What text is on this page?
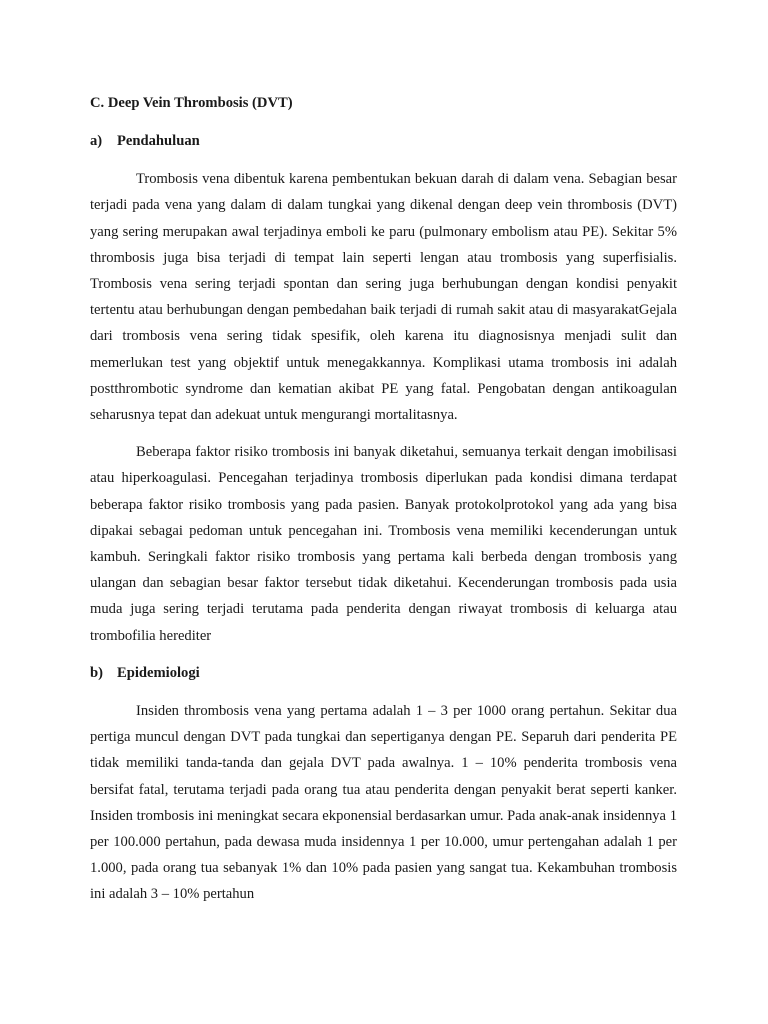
C. Deep Vein Thrombosis (DVT)

a)	Pendahuluan

Trombosis vena dibentuk karena pembentukan bekuan darah di dalam vena. Sebagian besar terjadi pada vena yang dalam di dalam tungkai yang dikenal dengan deep vein thrombosis (DVT) yang sering merupakan awal terjadinya emboli ke paru (pulmonary embolism atau PE). Sekitar 5% thrombosis juga bisa terjadi di tempat lain seperti lengan atau trombosis yang superfisialis. Trombosis vena sering terjadi spontan dan sering juga berhubungan dengan kondisi penyakit tertentu atau berhubungan dengan pembedahan baik terjadi di rumah sakit atau di masyarakatGejala dari trombosis vena sering tidak spesifik, oleh karena itu diagnosisnya menjadi sulit dan memerlukan test yang objektif untuk menegakkannya. Komplikasi utama trombosis ini adalah postthrombotic syndrome dan kematian akibat PE yang fatal. Pengobatan dengan antikoagulan seharusnya tepat dan adekuat untuk mengurangi mortalitasnya.

Beberapa faktor risiko trombosis ini banyak diketahui, semuanya terkait dengan imobilisasi atau hiperkoagulasi. Pencegahan terjadinya trombosis diperlukan pada kondisi dimana terdapat beberapa faktor risiko trombosis yang pada pasien. Banyak protokolprotokol yang ada yang bisa dipakai sebagai pedoman untuk pencegahan ini. Trombosis vena memiliki kecenderungan untuk kambuh. Seringkali faktor risiko trombosis yang pertama kali berbeda dengan trombosis yang ulangan dan sebagian besar faktor tersebut tidak diketahui. Kecenderungan trombosis pada usia muda juga sering terjadi terutama pada penderita dengan riwayat trombosis di keluarga atau trombofilia herediter

b) Epidemiologi

Insiden thrombosis vena yang pertama adalah 1 – 3 per 1000 orang pertahun. Sekitar dua pertiga muncul dengan DVT pada tungkai dan sepertiganya dengan PE. Separuh dari penderita PE tidak memiliki tanda-tanda dan gejala DVT pada awalnya. 1 – 10% penderita trombosis vena bersifat fatal, terutama terjadi pada orang tua atau penderita dengan penyakit berat seperti kanker. Insiden trombosis ini meningkat secara ekponensial berdasarkan umur. Pada anak-anak insidennya 1 per 100.000 pertahun, pada dewasa muda insidennya 1 per 10.000, umur pertengahan adalah 1 per 1.000, pada orang tua sebanyak 1% dan 10% pada pasien yang sangat tua. Kekambuhan trombosis ini adalah 3 – 10% pertahun
